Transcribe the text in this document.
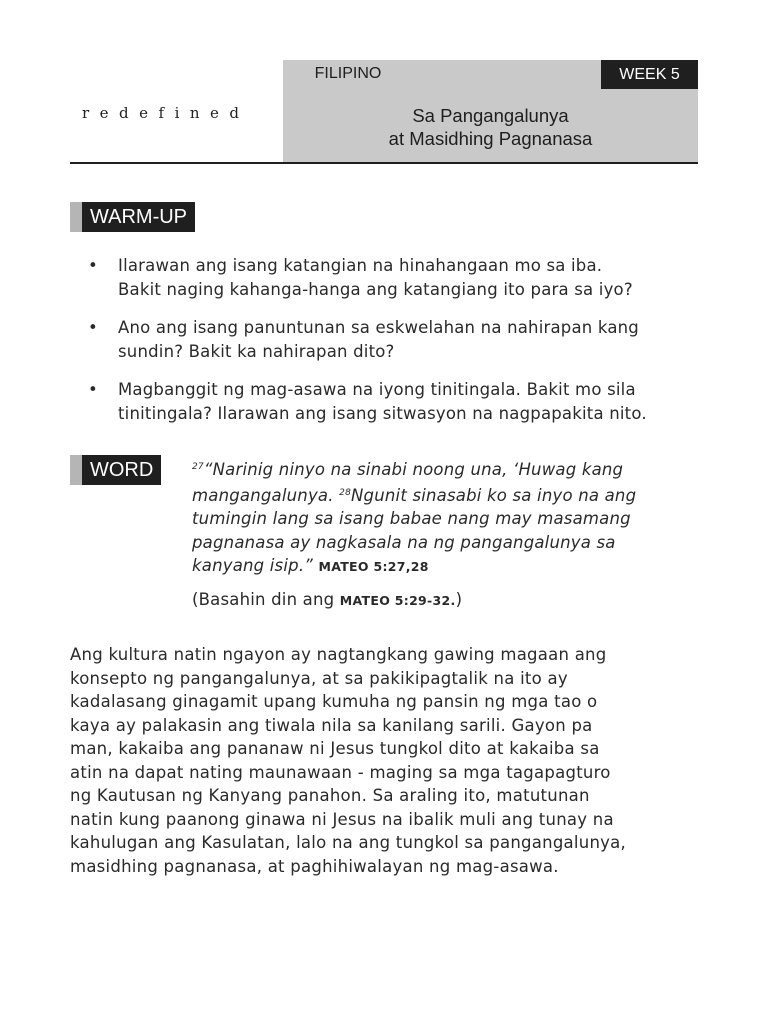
redefined
FILIPINO	WEEK 5
Sa Pangangalunya
at Masidhing Pagnanasa
WARM-UP
• Ilarawan ang isang katangian na hinahangaan mo sa iba.
Bakit naging kahanga-hanga ang katangiang ito para sa iyo?
• Ano ang isang panuntunan sa eskwelahan na nahirapan kang
sundin? Bakit ka nahirapan dito?
• Magbanggit ng mag-asawa na iyong tinitingala. Bakit mo sila
tinitingala? Ilarawan ang isang sitwasyon na nagpapakita nito.
WORD	$^{27}$“Narinig ninyo na sinabi noong una, ‘Huwag kang
mangangalunya. $^{28}$Ngunit sinasabi ko sa inyo na ang
tumingin lang sa isang babae nang may masamang
pagnanasa ay nagkasala na ng pangangalunya sa
kanyang isip.” MATEO 5:27,28
(Basahin din ang MATEO 5:29-32.)
Ang kultura natin ngayon ay nagtangkang gawing magaan ang
konsepto ng pangangalunya, at sa pakikipagtalik na ito ay
kadalasang ginagamit upang kumuha ng pansin ng mga tao o
kaya ay palakasin ang tiwala nila sa kanilang sarili. Gayon pa
man, kakaiba ang pananaw ni Jesus tungkol dito at kakaiba sa
atin na dapat nating maunawaan - maging sa mga tagapagturo
ng Kautusan ng Kanyang panahon. Sa araling ito, matutunan
natin kung paanong ginawa ni Jesus na ibalik muli ang tunay na
kahulugan ang Kasulatan, lalo na ang tungkol sa pangangalunya,
masidhing pagnanasa, at paghihiwalayan ng mag-asawa.
